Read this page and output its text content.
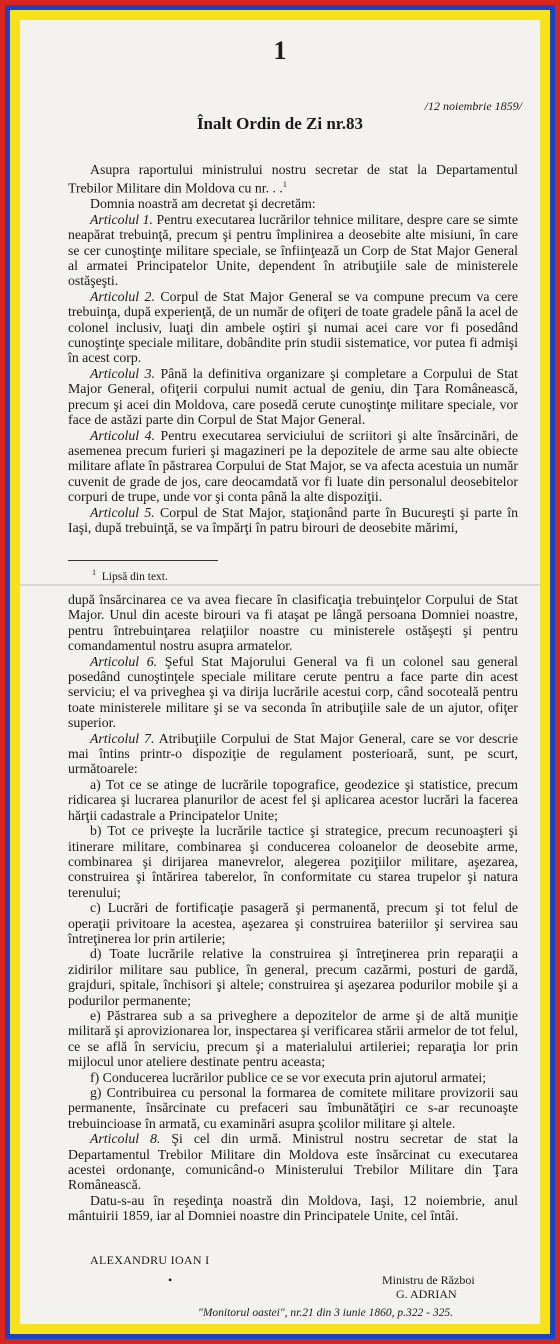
1
/12 noiembrie 1859/
Înalt Ordin de Zi nr.83

Asupra raportului ministrului nostru secretar de stat la Departamentul Trebilor Militare din Moldova cu nr. . .$^1$

Domnia noastră am decretat şi decretăm:

Articolul 1. Pentru executarea lucrărilor tehnice militare, despre care se simte neapărat trebuinţă, precum şi pentru împlinirea a deosebite alte misiuni, în care se cer cunoştinţe militare speciale, se înfiinţează un Corp de Stat Major General al armatei Principatelor Unite, dependent în atribuţiile sale de ministerele ostăşeşti.

Articolul 2. Corpul de Stat Major General se va compune precum va cere trebuinţa, după experienţă, de un număr de ofiţeri de toate gradele până la acel de colonel inclusiv, luaţi din ambele oştiri şi numai acei care vor fi posedând cunoştinţe speciale militare, dobândite prin studii sistematice, vor putea fi admişi în acest corp.

Articolul 3. Până la definitiva organizare şi completare a Corpului de Stat Major General, ofiţerii corpului numit actual de geniu, din Ţara Românească, precum şi acei din Moldova, care posedă cerute cunoştinţe militare speciale, vor face de astăzi parte din Corpul de Stat Major General.

Articolul 4. Pentru executarea serviciului de scriitori şi alte însărcinări, de asemenea precum furieri şi magazineri pe la depozitele de arme sau alte obiecte militare aflate în păstrarea Corpului de Stat Major, se va afecta acestuia un număr cuvenit de grade de jos, care deocamdată vor fi luate din personalul deosebitelor corpuri de trupe, unde vor şi conta până la alte dispoziţii.

Articolul 5. Corpul de Stat Major, staţionând parte în Bucureşti şi parte în Iaşi, după trebuinţă, se va împărţi în patru birouri de deosebite mărimi,

$^1$ Lipsă din text.

după însărcinarea ce va avea fiecare în clasificaţia trebuinţelor Corpului de Stat Major. Unul din aceste birouri va fi ataşat pe lângă persoana Domniei noastre, pentru întrebuinţarea relaţiilor noastre cu ministerele ostăşeşti şi pentru comandamentul nostru asupra armatelor.

Articolul 6. Şeful Stat Majorului General va fi un colonel sau general posedând cunoştinţele speciale militare cerute pentru a face parte din acest serviciu; el va priveghea şi va dirija lucrările acestui corp, când socoteală pentru toate ministerele militare şi se va seconda în atribuţiile sale de un ajutor, ofiţer superior.

Articolul 7. Atribuţiile Corpului de Stat Major General, care se vor descrie mai întins printr-o dispoziţie de regulament posterioară, sunt, pe scurt, următoarele:

a) Tot ce se atinge de lucrările topografice, geodezice şi statistice, precum ridicarea şi lucrarea planurilor de acest fel şi aplicarea acestor lucrări la facerea hărţii cadastrale a Principatelor Unite;

b) Tot ce priveşte la lucrările tactice şi strategice, precum recunoaşteri şi itinerare militare, combinarea şi conducerea coloanelor de deosebite arme, combinarea şi dirijarea manevrelor, alegerea poziţiilor militare, aşezarea, construirea şi întărirea taberelor, în conformitate cu starea trupelor şi natura terenului;

c) Lucrări de fortificaţie pasageră şi permanentă, precum şi tot felul de operaţii privitoare la acestea, aşezarea şi construirea bateriilor şi servirea sau întreţinerea lor prin artilerie;

d) Toate lucrările relative la construirea şi întreţinerea prin reparaţii a zidirilor militare sau publice, în general, precum cazărmi, posturi de gardă, grajduri, spitale, închisori şi altele; construirea şi aşezarea podurilor mobile şi a podurilor permanente;

e) Păstrarea sub a sa priveghere a depozitelor de arme şi de altă muniţie militară şi aprovizionarea lor, inspectarea şi verificarea stării armelor de tot felul, ce se află în serviciu, precum şi a materialului artileriei; reparaţia lor prin mijlocul unor ateliere destinate pentru aceasta;

f) Conducerea lucrărilor publice ce se vor executa prin ajutorul armatei;

g) Contribuirea cu personal la formarea de comitete militare provizorii sau permanente, însărcinate cu prefaceri sau îmbunătăţiri ce s-ar recunoaşte trebuincioase în armată, cu examinări asupra şcolilor militare şi altele.

Articolul 8. Şi cel din urmă. Ministrul nostru secretar de stat la Departamentul Trebilor Militare din Moldova este însărcinat cu executarea acestei ordonanţe, comunicând-o Ministerului Trebilor Militare din Ţara Românească.

Datu-s-au în reşedinţa noastră din Moldova, Iaşi, 12 noiembrie, anul mântuirii 1859, iar al Domniei noastre din Principatele Unite, cel întâi.

ALEXANDRU IOAN I
•	Ministru de Război
G. ADRIAN
"Monitorul oastei", nr.21 din 3 iunie 1860, p.322 - 325.
